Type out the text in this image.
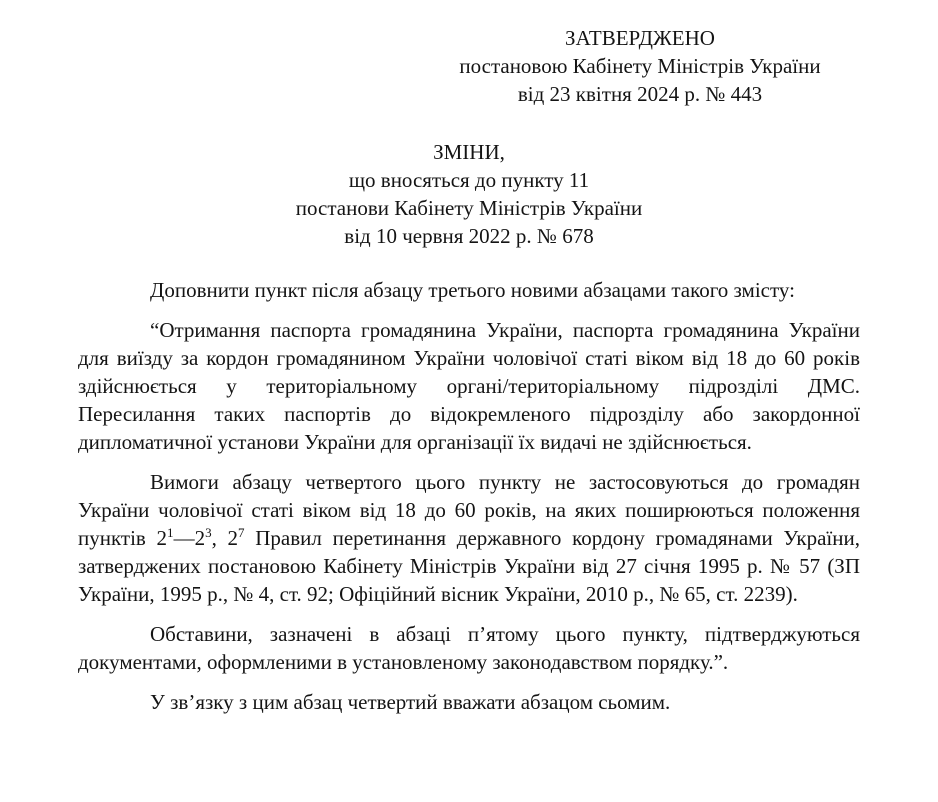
ЗАТВЕРДЖЕНО
постановою Кабінету Міністрів України
від 23 квітня 2024 р. № 443
ЗМІНИ,
що вносяться до пункту 11
постанови Кабінету Міністрів України
від 10 червня 2022 р. № 678

Доповнити пункт після абзацу третього новими абзацами такого змісту:

“Отримання паспорта громадянина України, паспорта громадянина України для виїзду за кордон громадянином України чоловічої статі віком від 18 до 60 років здійснюється у територіальному органі/територіальному підрозділі ДМС. Пересилання таких паспортів до відокремленого підрозділу або закордонної дипломатичної установи України для організації їх видачі не здійснюється.

Вимоги абзацу четвертого цього пункту не застосовуються до громадян України чоловічої статі віком від 18 до 60 років, на яких поширюються положення пунктів $2^1—2^3$, $2^7$ Правил перетинання державного кордону громадянами України, затверджених постановою Кабінету Міністрів України від 27 січня 1995 р. № 57 (ЗП України, 1995 р., № 4, ст. 92; Офіційний вісник України, 2010 р., № 65, ст. 2239).

Обставини, зазначені в абзаці п’ятому цього пункту, підтверджуються документами, оформленими в установленому законодавством порядку.”.

У зв’язку з цим абзац четвертий вважати абзацом сьомим.
